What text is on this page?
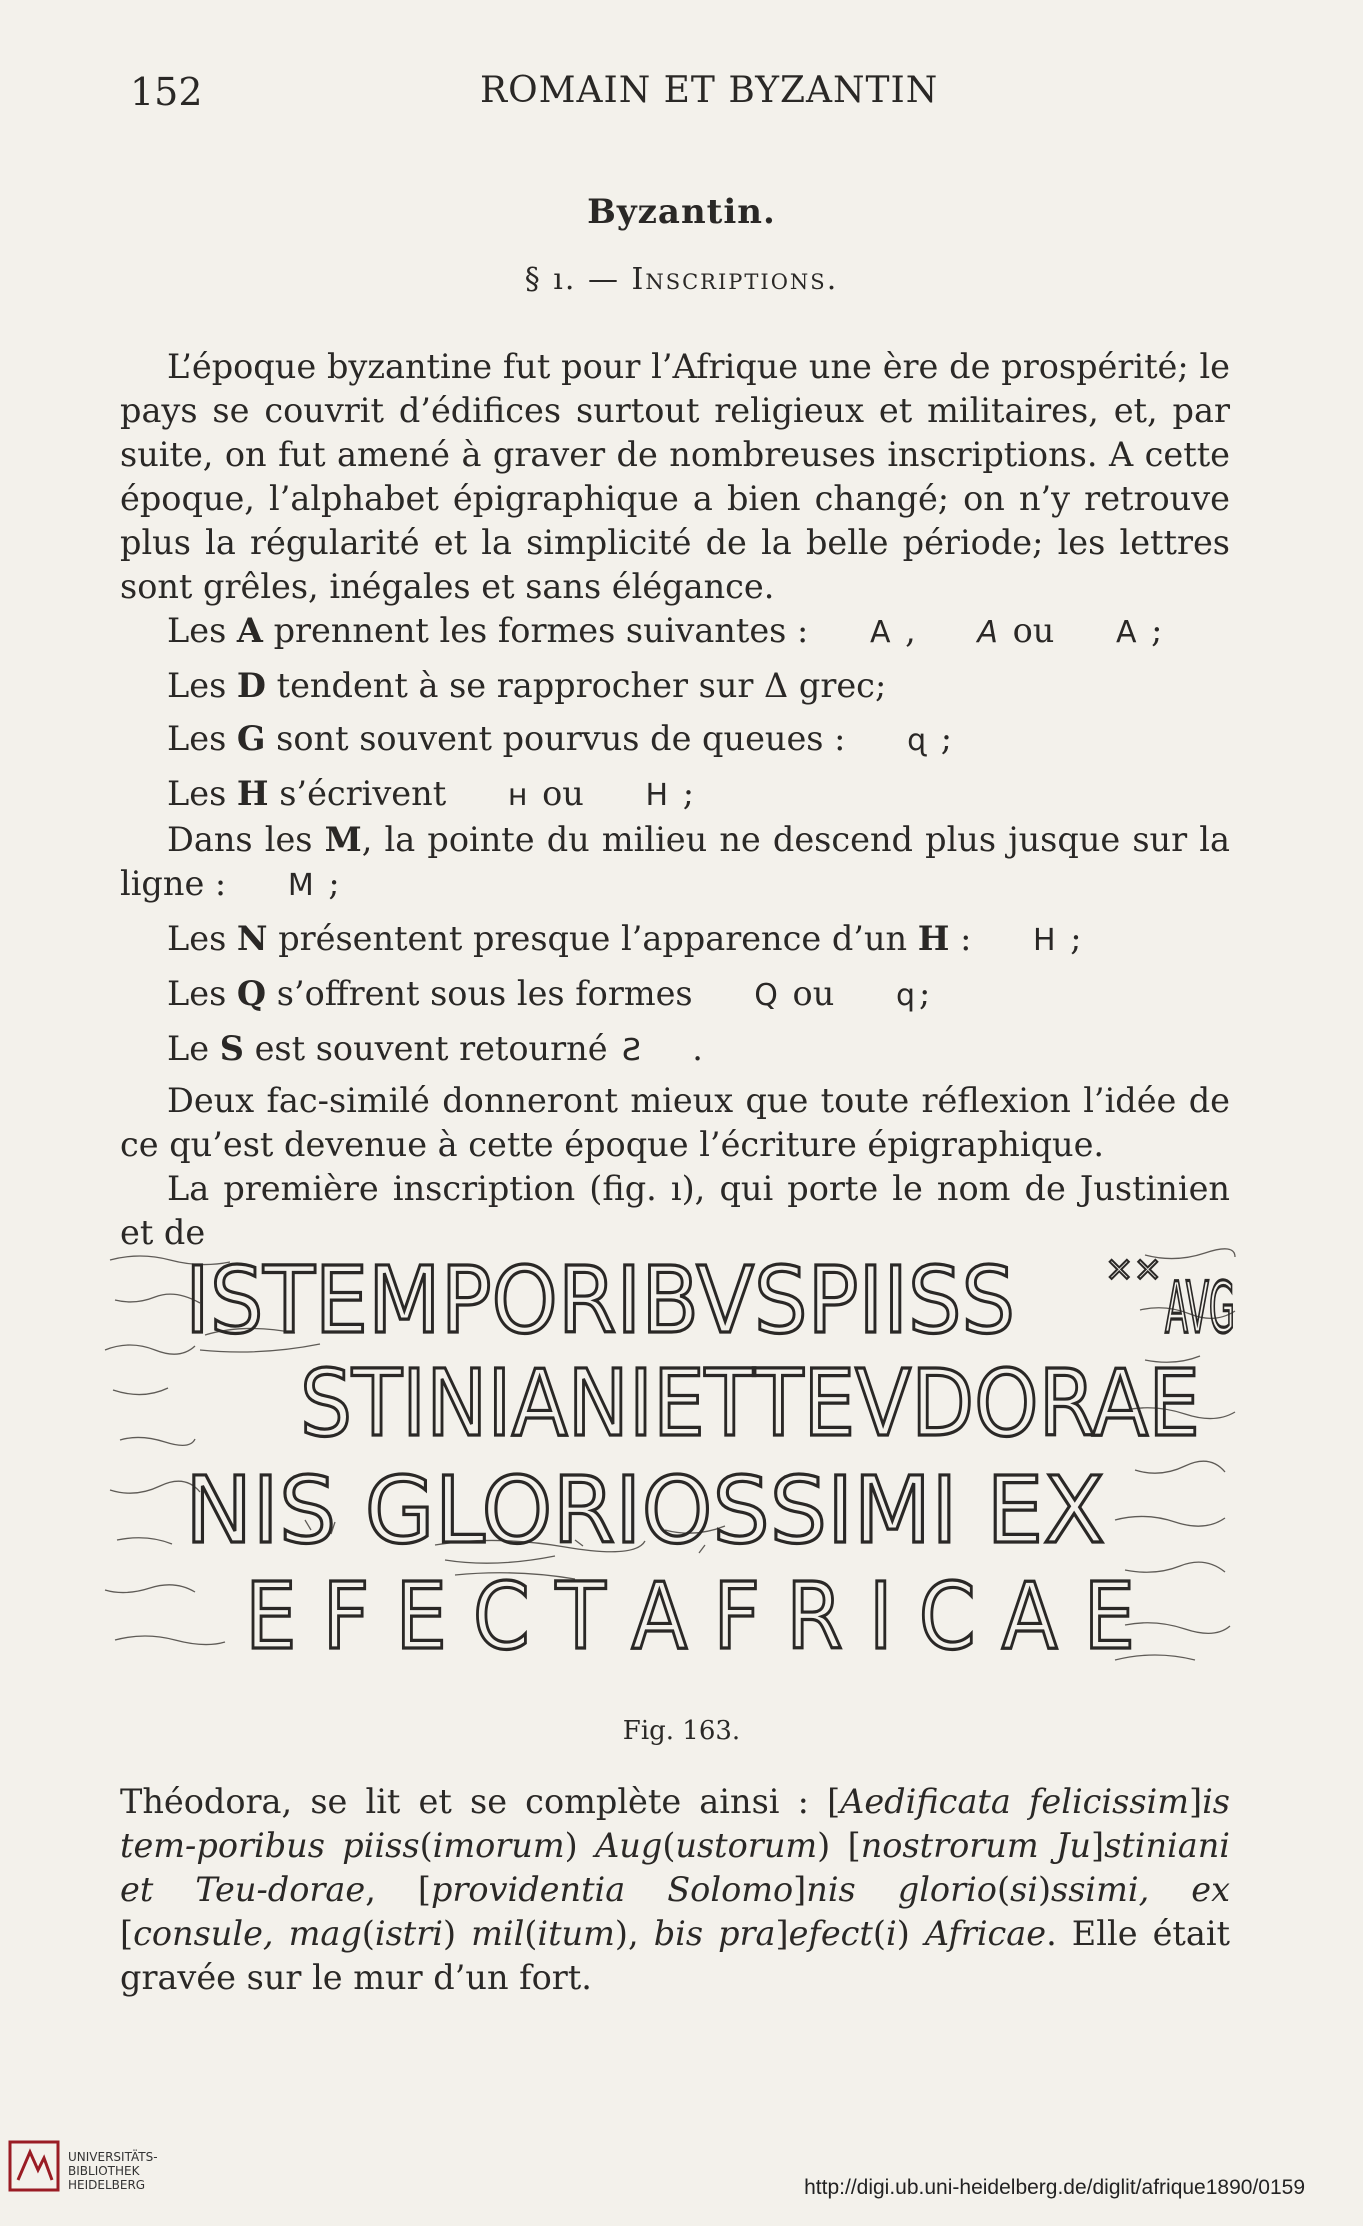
152	ROMAIN ET BYZANTIN
Byzantin.
§ ı. — Inscriptions.

L’époque byzantine fut pour l’Afrique une ère de prospérité; le pays se couvrit d’édifices surtout religieux et militaires, et, par suite, on fut amené à graver de nombreuses inscriptions. A cette époque, l’alphabet épigraphique a bien changé; on n’y retrouve plus la régularité et la simplicité de la belle période; les lettres sont grêles, inégales et sans élégance.

Les A prennent les formes suivantes : A , A ou A ;

Les D tendent à se rapprocher sur Δ grec;

Les G sont souvent pourvus de queues : ɋ ;

Les H s’écrivent ʜ ou H ;

Dans les M, la pointe du milieu ne descend plus jusque sur la ligne : M ;

Les N présentent presque l’apparence d’un H : H ;

Les Q s’offrent sous les formes Q ou q ;

Le S est souvent retourné S .

Deux fac-similé donneront mieux que toute réflexion l’idée de ce qu’est devenue à cette époque l’écriture épigraphique.

La première inscription (fig. ı), qui porte le nom de Justinien et de

ISTEMPORIBVSPIISS	×× AVG
STINIANIETTEVDORAE
NIS GLORIOSSIMI EX
E F E C T A F R I C A E
Fig. 163.

Théodora, se lit et se complète ainsi : [Aedificata felicissim]is tem-poribus piiss(imorum) Aug(ustorum) [nostrorum Ju]stiniani et Teu-dorae, [providentia Solomo]nis glorio(si)ssimi, ex [consule, mag(istri) mil(itum), bis pra]efect(i) Africae. Elle était gravée sur le mur d’un fort.

UNIVERSITÄTS-
BIBLIOTHEK
HEIDELBERG	http://digi.ub.uni-heidelberg.de/diglit/afrique1890/0159
